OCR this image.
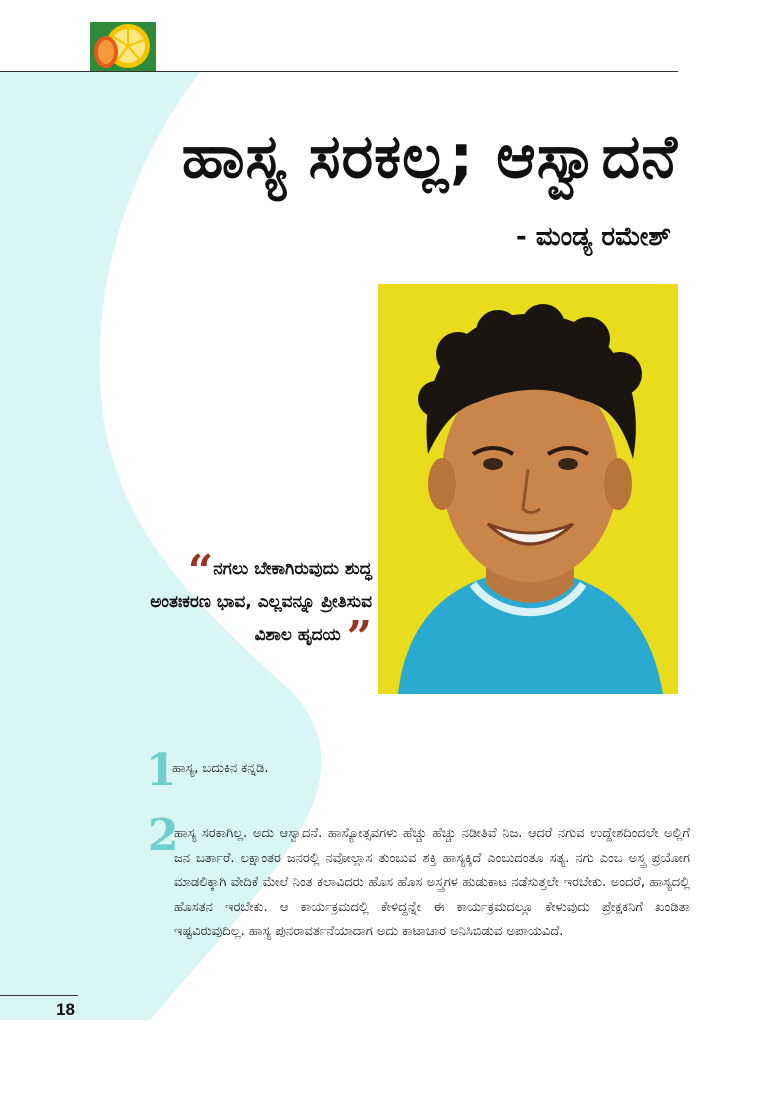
ಹಾಸ್ಯ ಸರಕಲ್ಲ; ಆಸ್ವಾದನೆ
- ಮಂಡ್ಯ ರಮೇಶ್
“ನಗಲು ಬೇಕಾಗಿರುವುದು ಶುದ್ಧ ಅಂತಃಕರಣ ಭಾವ, ಎಲ್ಲವನ್ನೂ ಪ್ರೀತಿಸುವ ವಿಶಾಲ ಹೃದಯ ”
1
ಹಾಸ್ಯ, ಬದುಕಿನ ಕನ್ನಡಿ.
2
ಹಾಸ್ಯ ಸರಕಾಗಿಲ್ಲ. ಅದು ಆಸ್ವಾದನೆ. ಹಾಸ್ಯೋತ್ಸವಗಳು ಹೆಚ್ಚು ಹೆಚ್ಚು ನಡೀತಿವೆ ನಿಜ. ಆದರೆ ನಗುವ ಉದ್ದೇಶದಿಂದಲೇ ಅಲ್ಲಿಗೆ ಜನ ಬರ್ತಾರೆ. ಲಕ್ಷಾಂತರ ಜನರಲ್ಲಿ ನವೋಲ್ಲಾಸ ತುಂಬುವ ಶಕ್ತಿ ಹಾಸ್ಯಕ್ಕಿದೆ ಎಂಬುದಂತೂ ಸತ್ಯ. ನಗು ಎಂಬ ಅಸ್ತ್ರ ಪ್ರಯೋಗ ಮಾಡಲಿಕ್ಕಾಗಿ ವೇದಿಕೆ ಮೇಲೆ ನಿಂತ ಕಲಾವಿದರು ಹೊಸ ಹೊಸ ಅಸ್ತ್ರಗಳ ಹುಡುಕಾಟ ನಡೆಸುತ್ತಲೇ ಇರಬೇಕು. ಅಂದರೆ, ಹಾಸ್ಯದಲ್ಲಿ ಹೊಸತನ ಇರಬೇಕು. ಆ ಕಾರ್ಯಕ್ರಮದಲ್ಲಿ ಕೇಳಿದ್ದನ್ನೇ ಈ ಕಾರ್ಯಕ್ರಮದಲ್ಲೂ ಕೇಳುವುದು ಪ್ರೇಕ್ಷಕನಿಗೆ ಖಂಡಿತಾ ಇಷ್ಟವಿರುವುದಿಲ್ಲ. ಹಾಸ್ಯ ಪುನರಾವರ್ತನೆಯಾದಾಗ ಅದು ಕಾಟಾಚಾರ ಅನಿಸಿಬಿಡುವ ಅಪಾಯವಿದೆ.
18
